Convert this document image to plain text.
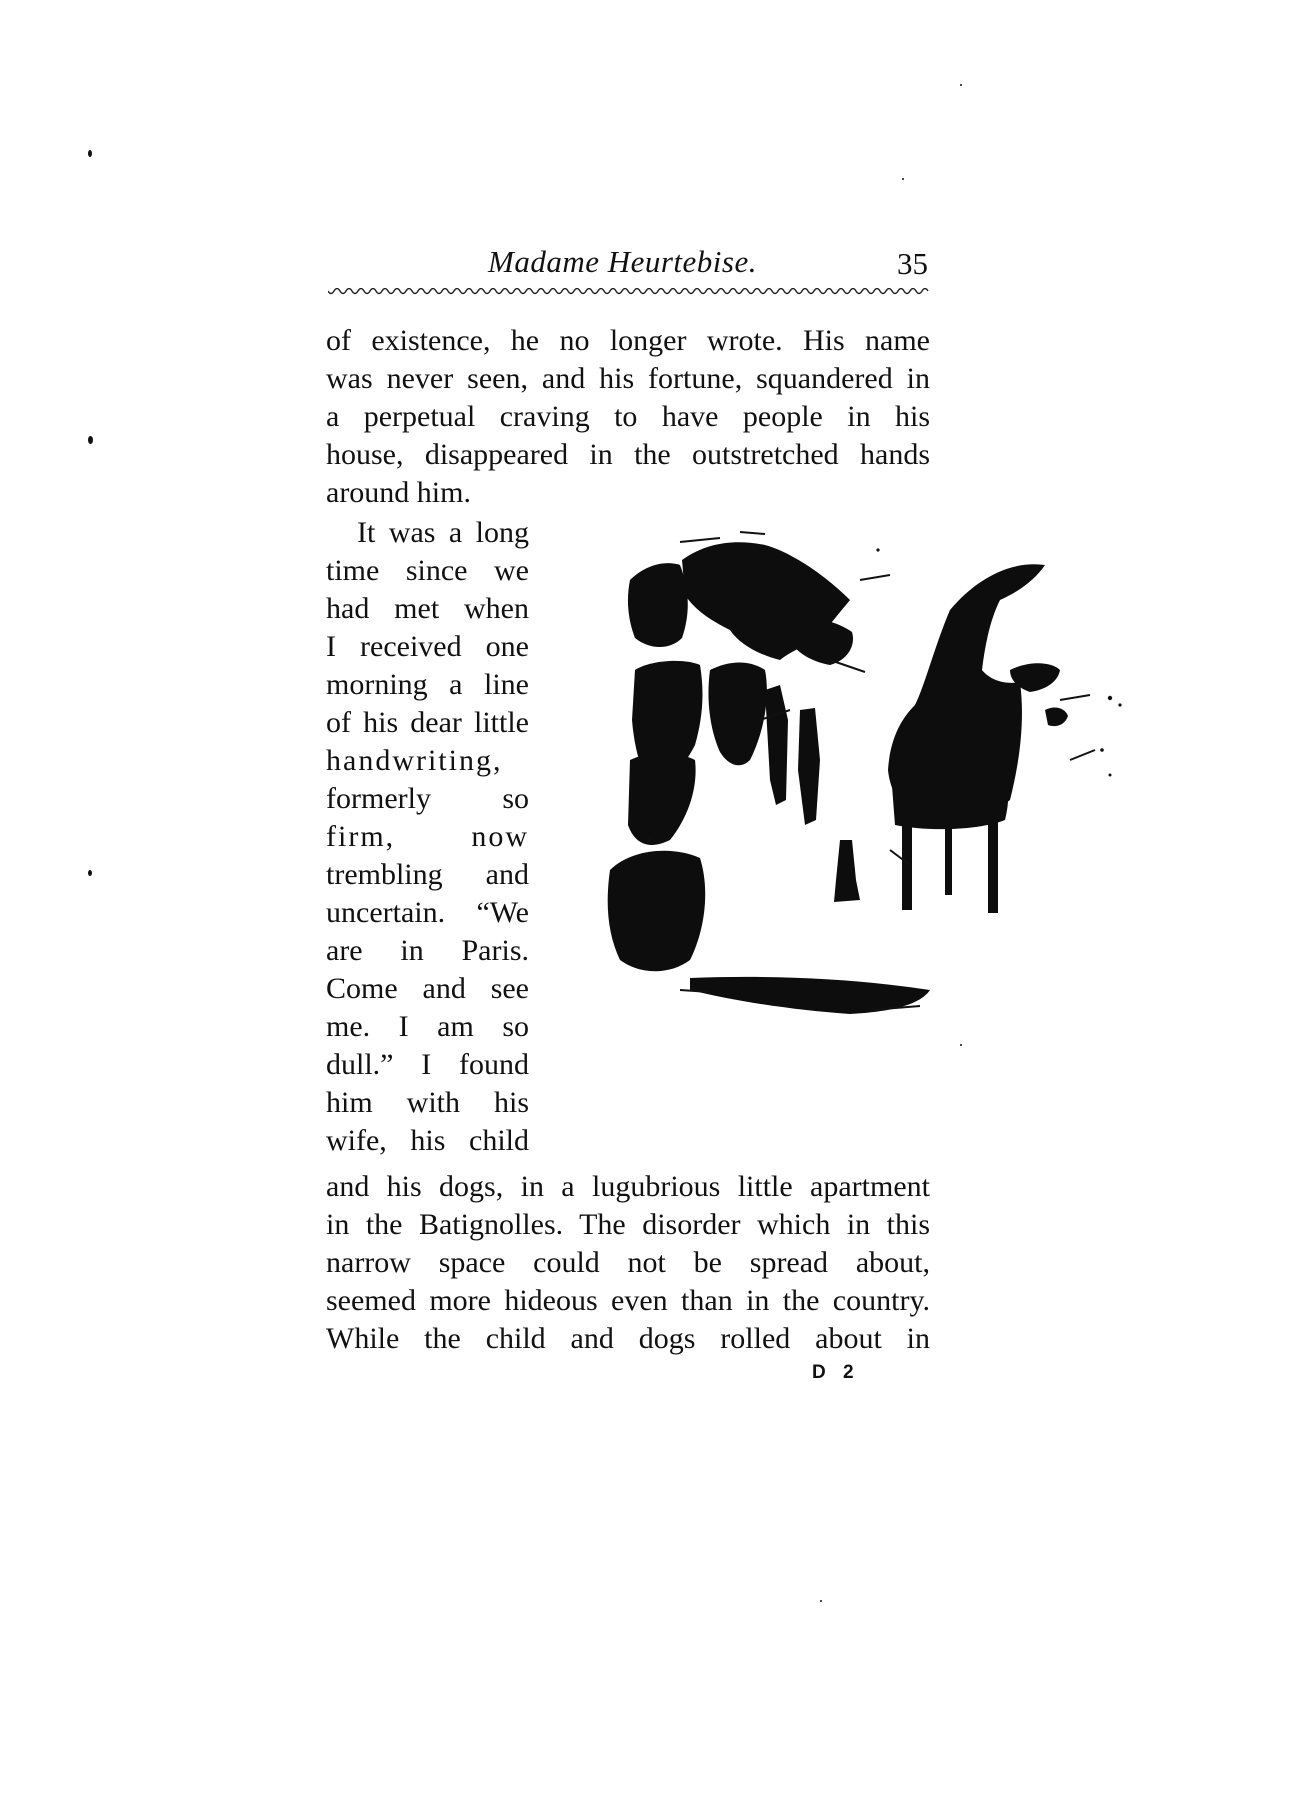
Madame Heurtebise.	35
of existence, he no longer wrote. His name
was never seen, and his fortune, squandered in
a perpetual craving to have people in his
house, disappeared in the outstretched hands
around him.
It was a long
time since we
had met when
I received one
morning a line
of his dear little
handwriting,
formerly so
firm, now
trembling and
uncertain. “We
are in Paris.
Come and see
me. I am so
dull.” I found
him with his
wife, his child
and his dogs, in a lugubrious little apartment
in the Batignolles. The disorder which in this
narrow space could not be spread about,
seemed more hideous even than in the country.
While the child and dogs rolled about in
D 2
